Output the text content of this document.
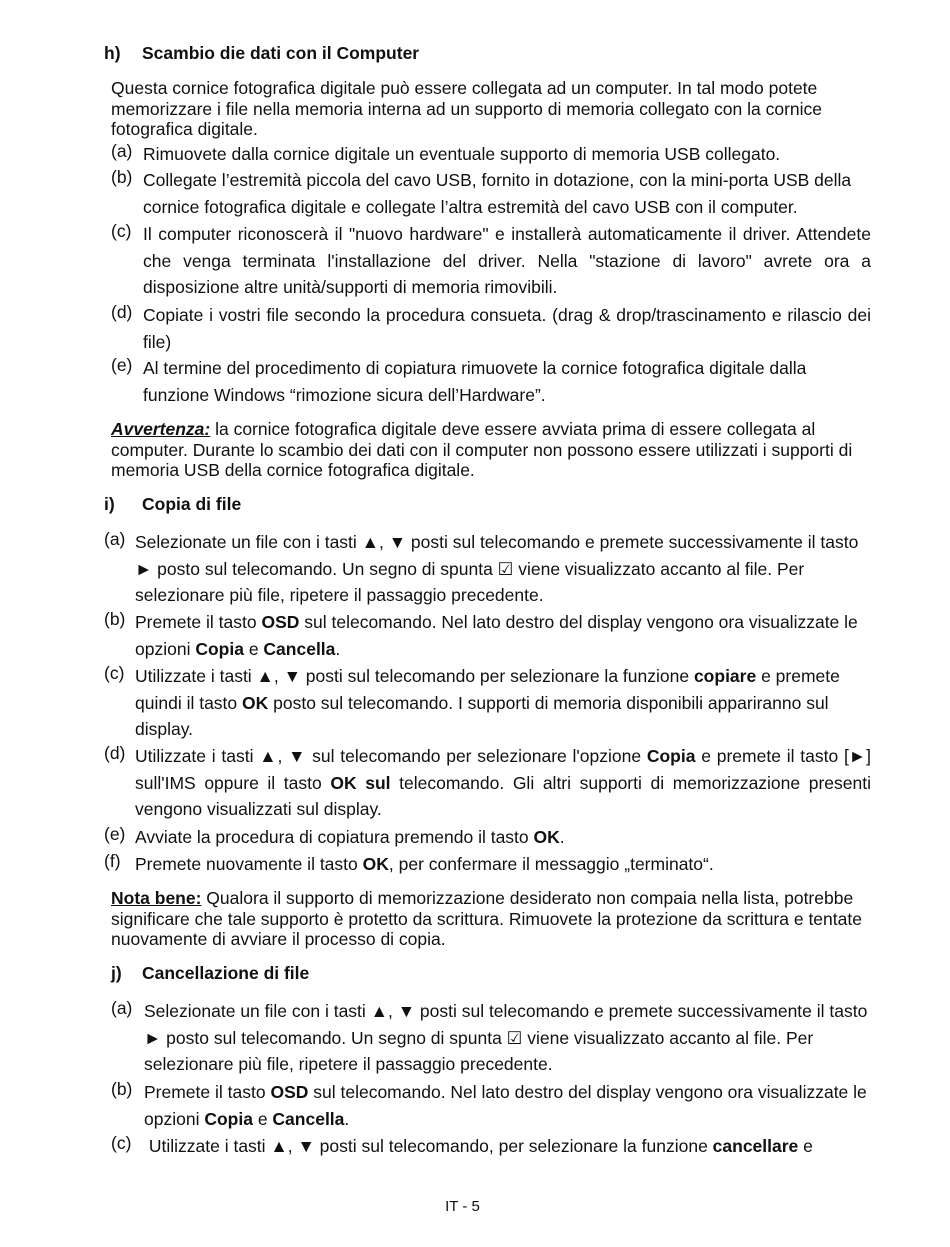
h) Scambio die dati con il Computer
Questa cornice fotografica digitale può essere collegata ad un computer. In tal modo potete memorizzare i file nella memoria interna ad un supporto di memoria collegato con la cornice fotografica digitale.
(a) Rimuovete dalla cornice digitale un eventuale supporto di memoria USB collegato.
(b) Collegate l’estremità piccola del cavo USB, fornito in dotazione, con la mini-porta USB della cornice fotografica digitale e collegate l’altra estremità del cavo USB con il computer.
(c) Il computer riconoscerà il "nuovo hardware" e installerà automaticamente il driver. Attendete che venga terminata l'installazione del driver. Nella "stazione di lavoro" avrete ora a disposizione altre unità/supporti di memoria rimovibili.
(d) Copiate i vostri file secondo la procedura consueta. (drag & drop/trascinamento e rilascio dei file)
(e) Al termine del procedimento di copiatura rimuovete la cornice fotografica digitale dalla funzione Windows “rimozione sicura dell’Hardware”.
Avvertenza: la cornice fotografica digitale deve essere avviata prima di essere collegata al computer. Durante lo scambio dei dati con il computer non possono essere utilizzati i supporti di memoria USB della cornice fotografica digitale.
i) Copia di file
(a) Selezionate un file con i tasti ▲, ▼ posti sul telecomando e premete successivamente il tasto ► posto sul telecomando. Un segno di spunta ☑ viene visualizzato accanto al file. Per selezionare più file, ripetere il passaggio precedente.
(b) Premete il tasto OSD sul telecomando. Nel lato destro del display vengono ora visualizzate le opzioni Copia e Cancella.
(c) Utilizzate i tasti ▲, ▼ posti sul telecomando per selezionare la funzione copiare e premete quindi il tasto OK posto sul telecomando. I supporti di memoria disponibili appariranno sul display.
(d) Utilizzate i tasti ▲, ▼ sul telecomando per selezionare l'opzione Copia e premete il tasto [►] sull'IMS oppure il tasto OK sul telecomando. Gli altri supporti di memorizzazione presenti vengono visualizzati sul display.
(e) Avviate la procedura di copiatura premendo il tasto OK.
(f) Premete nuovamente il tasto OK, per confermare il messaggio „terminato“.
Nota bene: Qualora il supporto di memorizzazione desiderato non compaia nella lista, potrebbe significare che tale supporto è protetto da scrittura. Rimuovete la protezione da scrittura e tentate nuovamente di avviare il processo di copia.
j) Cancellazione di file
(a) Selezionate un file con i tasti ▲, ▼ posti sul telecomando e premete successivamente il tasto ► posto sul telecomando. Un segno di spunta ☑ viene visualizzato accanto al file. Per selezionare più file, ripetere il passaggio precedente.
(b) Premete il tasto OSD sul telecomando. Nel lato destro del display vengono ora visualizzate le opzioni Copia e Cancella.
(c) Utilizzate i tasti ▲, ▼ posti sul telecomando, per selezionare la funzione cancellare e
IT - 5
